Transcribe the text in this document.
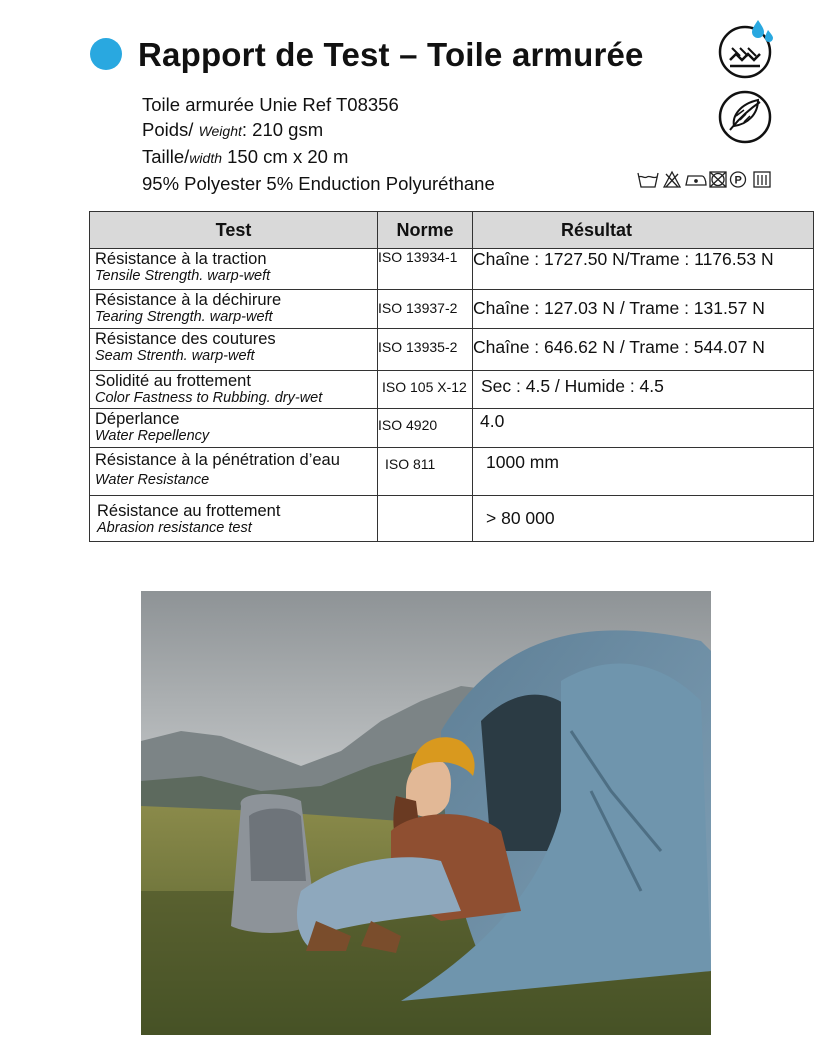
Rapport de Test – Toile armurée
Toile armurée Unie Ref T08356
Poids/ Weight: 210 gsm
Taille/width 150 cm x 20 m
95% Polyester 5% Enduction Polyuréthane	P
Test	Norme	Résultat

Résistance à la traction
Tensile Strength. warp-weft	ISO 13934-1	Chaîne : 1727.50 N/Trame : 1176.53 N

Résistance à la déchirure
Tearing Strength. warp-weft	ISO 13937-2	Chaîne : 127.03 N / Trame : 131.57 N

Résistance des coutures
Seam Strenth. warp-weft	ISO 13935-2	Chaîne : 646.62 N / Trame : 544.07 N

Solidité au frottement
Color Fastness to Rubbing. dry-wet	ISO 105 X-12	Sec : 4.5 / Humide : 4.5

Déperlance
Water Repellency	ISO 4920	4.0

Résistance à la pénétration d’eau
Water Resistance	ISO 811	1000 mm

Résistance au frottement
Abrasion resistance test		> 80 000
